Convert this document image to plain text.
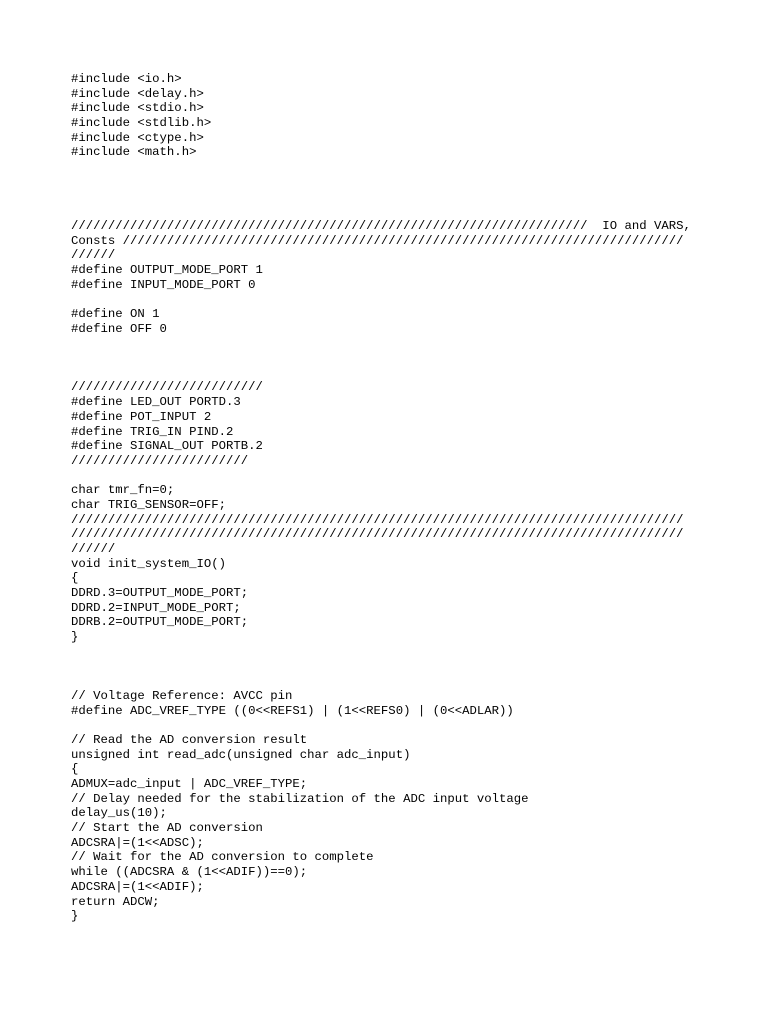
#include <io.h>
#include <delay.h>
#include <stdio.h>
#include <stdlib.h>
#include <ctype.h>
#include <math.h>
//////////////////////////////////////////////////////////////////////  IO and VARS,
Consts ////////////////////////////////////////////////////////////////////////////
//////
#define OUTPUT_MODE_PORT 1
#define INPUT_MODE_PORT 0
#define ON 1
#define OFF 0
//////////////////////////
#define LED_OUT PORTD.3
#define POT_INPUT 2
#define TRIG_IN PIND.2
#define SIGNAL_OUT PORTB.2
////////////////////////
char tmr_fn=0;
char TRIG_SENSOR=OFF;
///////////////////////////////////////////////////////////////////////////////////
///////////////////////////////////////////////////////////////////////////////////
//////
void init_system_IO()
{
DDRD.3=OUTPUT_MODE_PORT;
DDRD.2=INPUT_MODE_PORT;
DDRB.2=OUTPUT_MODE_PORT;
}
// Voltage Reference: AVCC pin
#define ADC_VREF_TYPE ((0<<REFS1) | (1<<REFS0) | (0<<ADLAR))
// Read the AD conversion result
unsigned int read_adc(unsigned char adc_input)
{
ADMUX=adc_input | ADC_VREF_TYPE;
// Delay needed for the stabilization of the ADC input voltage
delay_us(10);
// Start the AD conversion
ADCSRA|=(1<<ADSC);
// Wait for the AD conversion to complete
while ((ADCSRA & (1<<ADIF))==0);
ADCSRA|=(1<<ADIF);
return ADCW;
}
